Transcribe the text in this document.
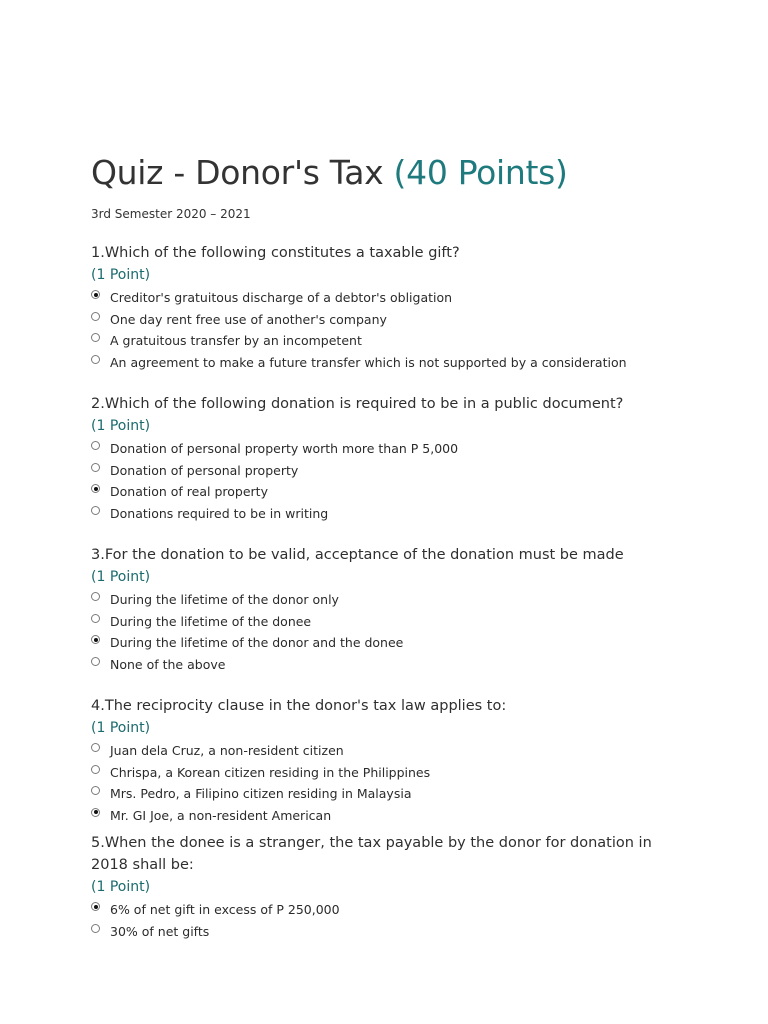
Quiz - Donor's Tax (40 Points)
3rd Semester 2020 – 2021

1.Which of the following constitutes a taxable gift?

(1 Point)
Creditor's gratuitous discharge of a debtor's obligation
One day rent free use of another's company
A gratuitous transfer by an incompetent
An agreement to make a future transfer which is not supported by a consideration

2.Which of the following donation is required to be in a public document?

(1 Point)
Donation of personal property worth more than P 5,000
Donation of personal property
Donation of real property
Donations required to be in writing

3.For the donation to be valid, acceptance of the donation must be made

(1 Point)
During the lifetime of the donor only
During the lifetime of the donee
During the lifetime of the donor and the donee
None of the above

4.The reciprocity clause in the donor's tax law applies to:

(1 Point)
Juan dela Cruz, a non-resident citizen
Chrispa, a Korean citizen residing in the Philippines
Mrs. Pedro, a Filipino citizen residing in Malaysia
Mr. GI Joe, a non-resident American

5.When the donee is a stranger, the tax payable by the donor for donation in 2018 shall be:

(1 Point)
6% of net gift in excess of P 250,000
30% of net gifts
